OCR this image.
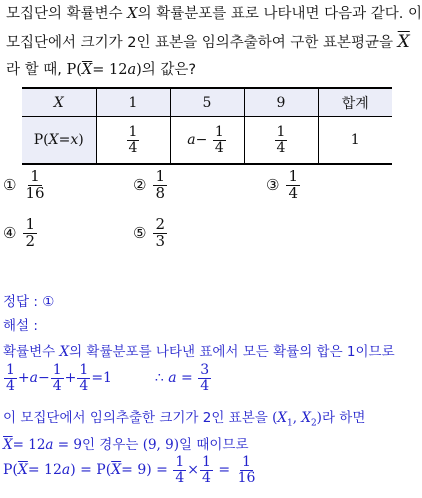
모집단의 확률변수 X의 확률분포를 표로 나타내면 다음과 같다. 이
모집단에서 크기가 2인 표본을 임의추출하여 구한 표본평균을 $\overline{X}$
라 할 때, $P(\overline{X}= 12a)$의 값은?
X	1	5	9	합계
P(X=x)	$\frac{1}{4}$	$a- \frac{1}{4}$	$\frac{1}{4}$	1
① $\frac{1}{16}$	② $\frac{1}{8}$	③ $\frac{1}{4}$
④ $\frac{1}{2}$	⑤ $\frac{2}{3}$
정답 : ①
해설 :
확률변수 X의 확률분포를 나타낸 표에서 모든 확률의 합은 1이므로
$\frac{1}{4} +a- \frac{1}{4} + \frac{1}{4} =1$  ∴ $a = \frac{3}{4}$
이 모집단에서 임의추출한 크기가 2인 표본을 ($X_1$, $X_2$)라 하면
$\overline{X}= 12a = 9$인 경우는 (9, 9)일 때이므로
$P(\overline{X}= 12a) = P(\overline{X}= 9) = \frac{1}{4} \times \frac{1}{4} = \frac{1}{16}$
